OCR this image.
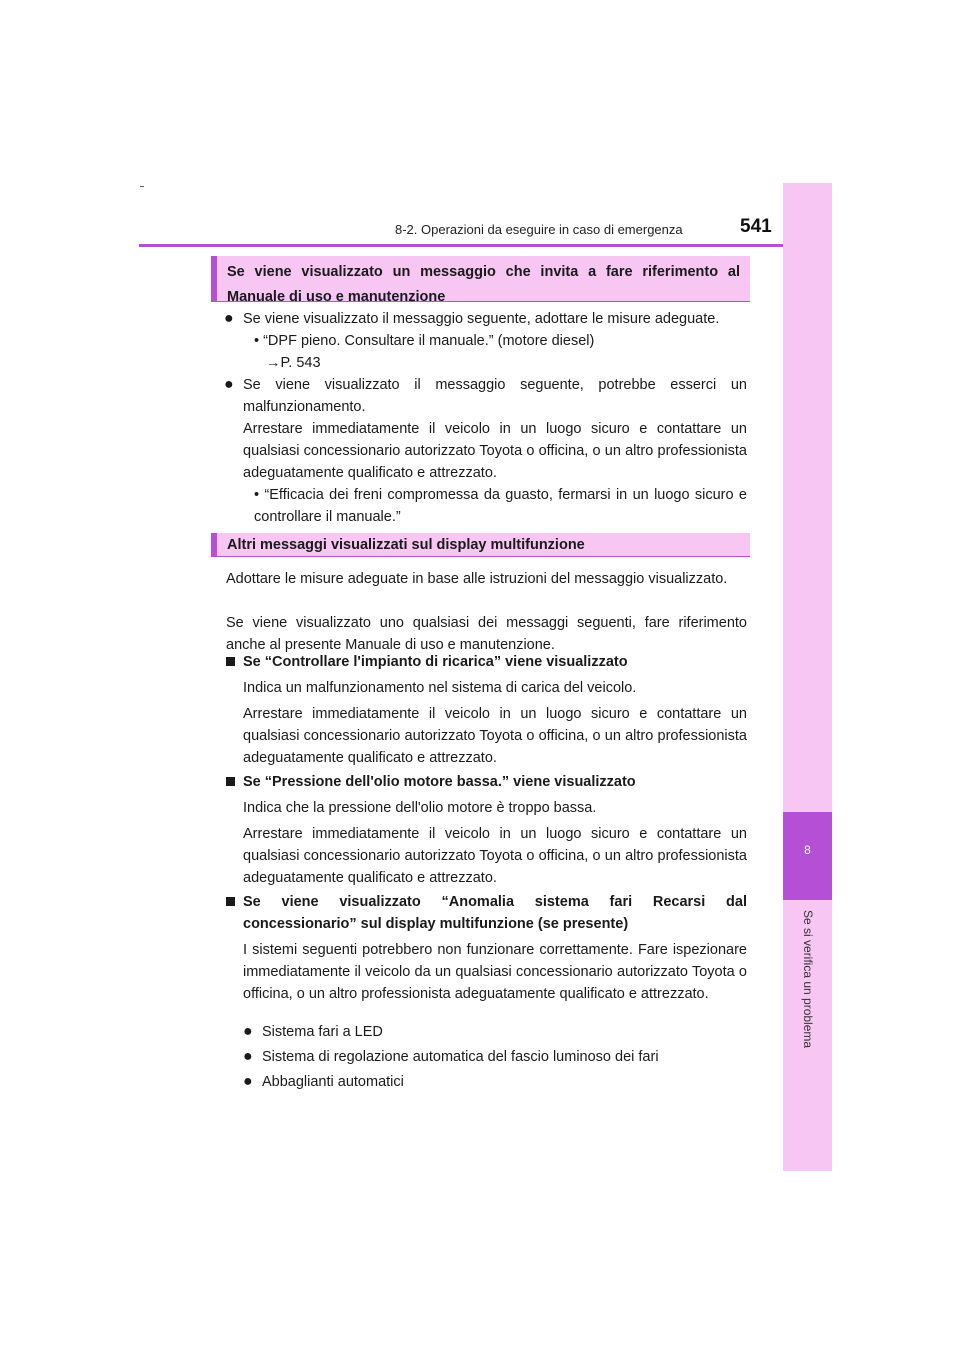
8-2. Operazioni da eseguire in caso di emergenza	541
8
Se si verifica un problema
Se viene visualizzato un messaggio che invita a fare riferimento al Manuale di uso e manutenzione
● Se viene visualizzato il messaggio seguente, adottare le misure adeguate.
• “DPF pieno. Consultare il manuale.” (motore diesel)
→P. 543
● Se viene visualizzato il messaggio seguente, potrebbe esserci un malfunzionamento.
Arrestare immediatamente il veicolo in un luogo sicuro e contattare un qualsiasi concessionario autorizzato Toyota o officina, o un altro professionista adeguatamente qualificato e attrezzato.
• “Efficacia dei freni compromessa da guasto, fermarsi in un luogo sicuro e controllare il manuale.”
Altri messaggi visualizzati sul display multifunzione
Adottare le misure adeguate in base alle istruzioni del messaggio visualizzato.
Se viene visualizzato uno qualsiasi dei messaggi seguenti, fare riferimento anche al presente Manuale di uso e manutenzione.
Se “Controllare l'impianto di ricarica” viene visualizzato
Indica un malfunzionamento nel sistema di carica del veicolo.
Arrestare immediatamente il veicolo in un luogo sicuro e contattare un qualsiasi concessionario autorizzato Toyota o officina, o un altro professionista adeguatamente qualificato e attrezzato.
Se “Pressione dell'olio motore bassa.” viene visualizzato
Indica che la pressione dell'olio motore è troppo bassa.
Arrestare immediatamente il veicolo in un luogo sicuro e contattare un qualsiasi concessionario autorizzato Toyota o officina, o un altro professionista adeguatamente qualificato e attrezzato.
Se viene visualizzato “Anomalia sistema fari Recarsi dal concessionario” sul display multifunzione (se presente)
I sistemi seguenti potrebbero non funzionare correttamente. Fare ispezionare immediatamente il veicolo da un qualsiasi concessionario autorizzato Toyota o officina, o un altro professionista adeguatamente qualificato e attrezzato.
● Sistema fari a LED
● Sistema di regolazione automatica del fascio luminoso dei fari
● Abbaglianti automatici
